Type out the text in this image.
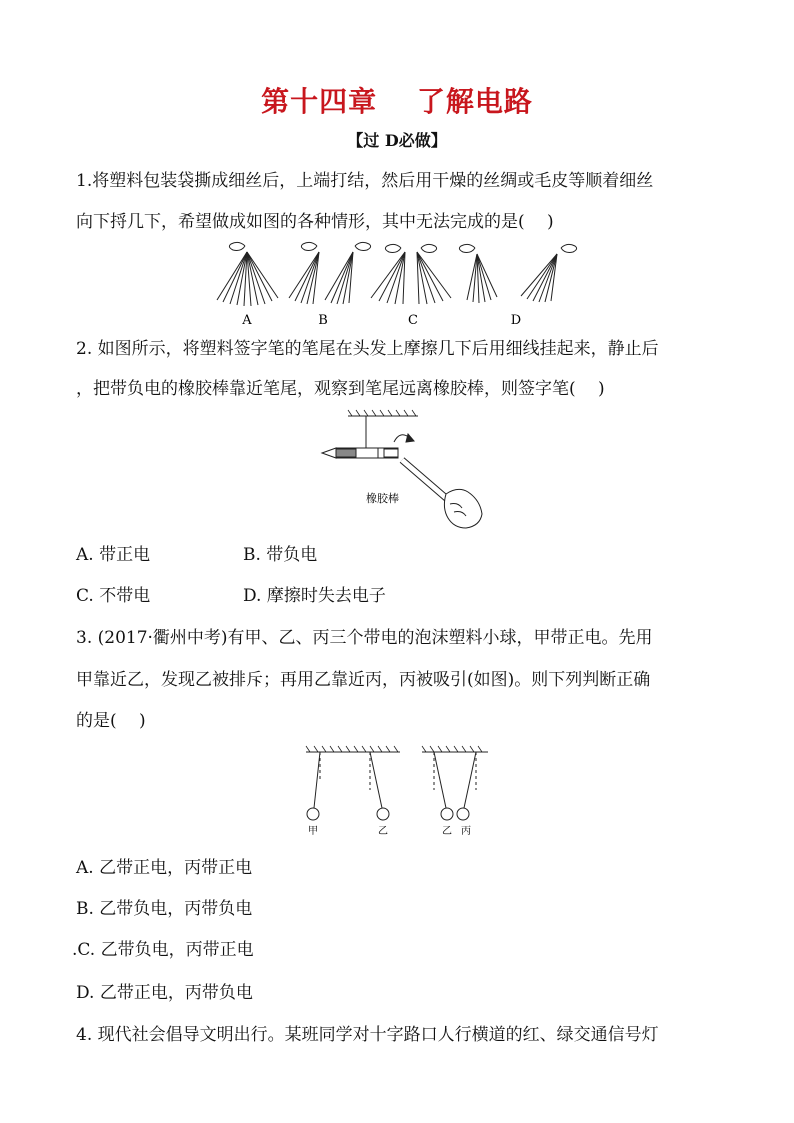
第十四章　 了解电路
【过 D必做】
1.将塑料包装袋撕成细丝后，上端打结，然后用干燥的丝绸或毛皮等顺着细丝
向下捋几下，希望做成如图的各种情形，其中无法完成的是(　 )
A	B	C	D
2. 如图所示，将塑料签字笔的笔尾在头发上摩擦几下后用细线挂起来，静止后
，把带负电的橡胶棒靠近笔尾，观察到笔尾远离橡胶棒，则签字笔(　 )
橡胶棒
A. 带正电	B. 带负电
C. 不带电	D. 摩擦时失去电子
3. (2017·衢州中考)有甲、乙、丙三个带电的泡沫塑料小球，甲带正电。先用
甲靠近乙，发现乙被排斥；再用乙靠近丙，丙被吸引(如图)。则下列判断正确
的是(　 )
甲	乙	乙 丙
A. 乙带正电，丙带正电
B. 乙带负电，丙带负电
.C. 乙带负电，丙带正电
D. 乙带正电，丙带负电
4. 现代社会倡导文明出行。某班同学对十字路口人行横道的红、绿交通信号灯
